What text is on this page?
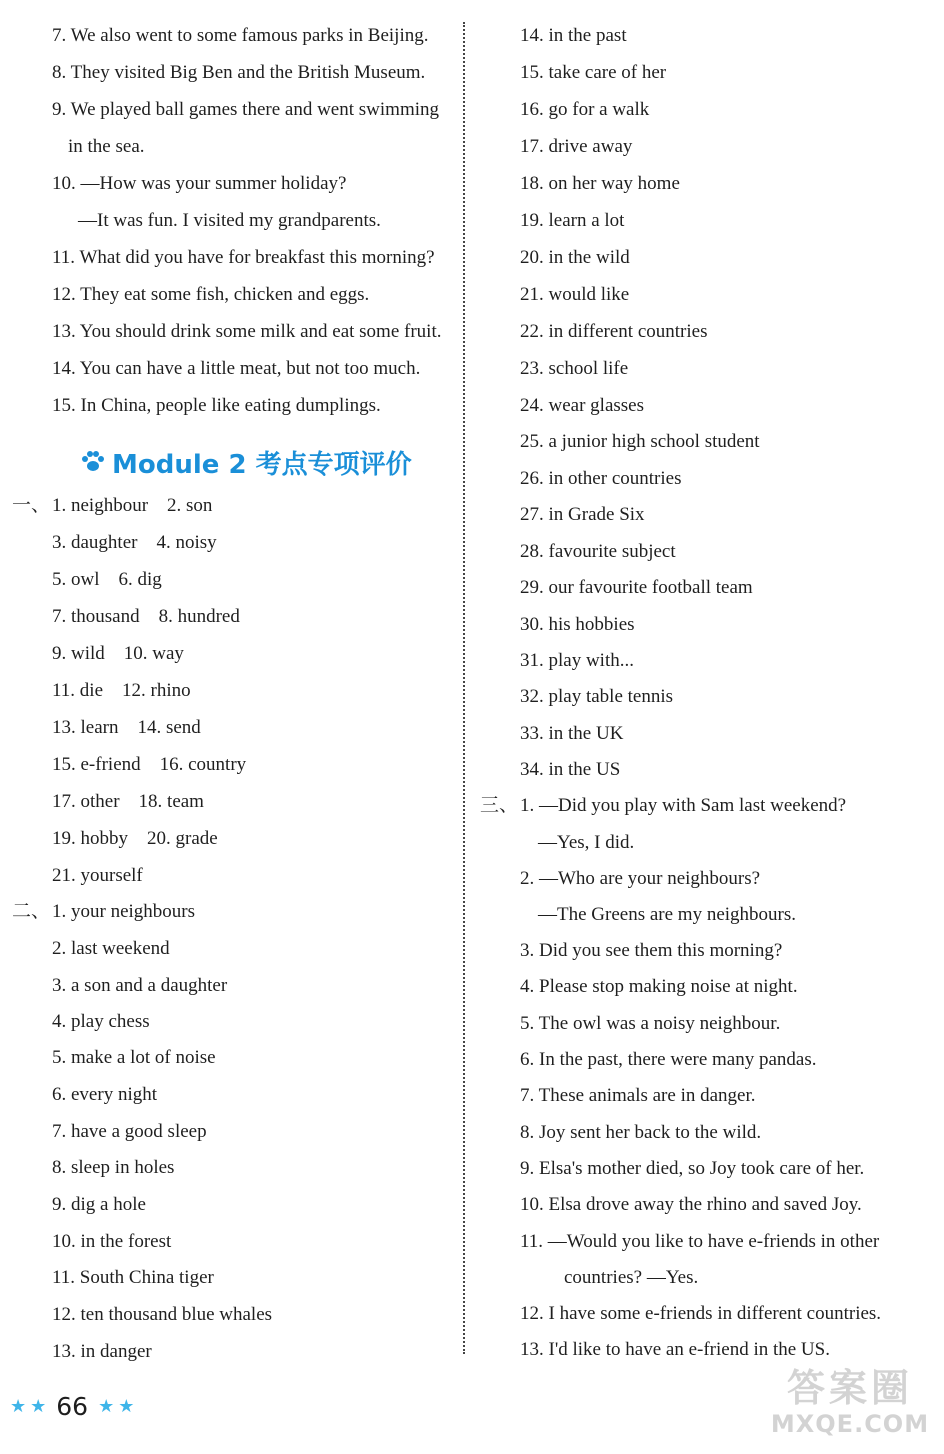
7. We also went to some famous parks in Beijing.
8. They visited Big Ben and the British Museum.
9. We played ball games there and went swimming
in the sea.
10. —How was your summer holiday?
—It was fun. I visited my grandparents.
11. What did you have for breakfast this morning?
12. They eat some fish, chicken and eggs.
13. You should drink some milk and eat some fruit.
14. You can have a little meat, but not too much.
15. In China, people like eating dumplings.
Module 2 考点专项评价
一、 1. neighbour    2. son
3. daughter    4. noisy
5. owl    6. dig
7. thousand    8. hundred
9. wild    10. way
11. die    12. rhino
13. learn    14. send
15. e-friend    16. country
17. other    18. team
19. hobby    20. grade
21. yourself
二、 1. your neighbours
2. last weekend
3. a son and a daughter
4. play chess
5. make a lot of noise
6. every night
7. have a good sleep
8. sleep in holes
9. dig a hole
10. in the forest
11. South China tiger
12. ten thousand blue whales
13. in danger
14. in the past
15. take care of her
16. go for a walk
17. drive away
18. on her way home
19. learn a lot
20. in the wild
21. would like
22. in different countries
23. school life
24. wear glasses
25. a junior high school student
26. in other countries
27. in Grade Six
28. favourite subject
29. our favourite football team
30. his hobbies
31. play with...
32. play table tennis
33. in the UK
34. in the US
三、 1. —Did you play with Sam last weekend?
—Yes, I did.
2. —Who are your neighbours?
—The Greens are my neighbours.
3. Did you see them this morning?
4. Please stop making noise at night.
5. The owl was a noisy neighbour.
6. In the past, there were many pandas.
7. These animals are in danger.
8. Joy sent her back to the wild.
9. Elsa's mother died, so Joy took care of her.
10. Elsa drove away the rhino and saved Joy.
11. —Would you like to have e-friends in other
countries? —Yes.
12. I have some e-friends in different countries.
13. I'd like to have an e-friend in the US.
★ ★ 66 ★ ★	答案圈
MXQE.COM
